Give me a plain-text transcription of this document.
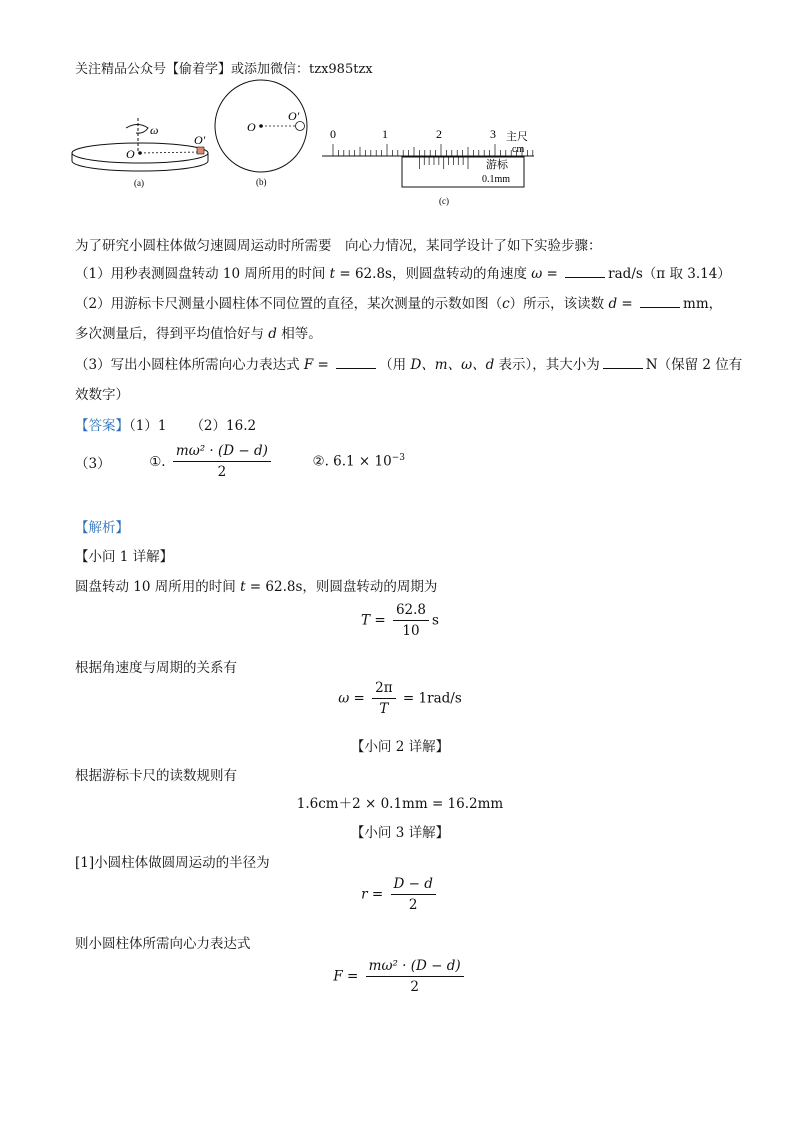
关注精品公众号【偷着学】或添加微信：tzx985tzx
ω
O
O′
(a)
O
O′
(b)
0	1	2	3 主尺
cm
游标
0.1mm
(c)
为了研究小圆柱体做匀速圆周运动时所需要　向心力情况，某同学设计了如下实验步骤：
（1）用秒表测圆盘转动 10 周所用的时间 t = 62.8s，则圆盘转动的角速度 ω =	rad/s（π 取 3.14）
（2）用游标卡尺测量小圆柱体不同位置的直径，某次测量的示数如图（c）所示，该读数 d =	mm，
多次测量后，得到平均值恰好与 d 相等。
（3）写出小圆柱体所需向心力表达式 F =	（用 D、m、ω、d 表示），其大小为	N（保留 2 位有
效数字）
【答案】（1）1 （2）16.2
（3）	①. $\frac{\text{mω² · (D − d)}}{2}$	②. $6.1 \times 10^{-3}$
【解析】
【小问 1 详解】
圆盘转动 10 周所用的时间 t = 62.8s，则圆盘转动的周期为
$T = \frac{62.8}{10}$ s
根据角速度与周期的关系有
$\omega = \frac{2\pi}{T} = 1rad/s$
【小问 2 详解】
根据游标卡尺的读数规则有
1.6cm＋2 × 0.1mm = 16.2mm
【小问 3 详解】
[1]小圆柱体做圆周运动的半径为
$r = \frac{D - d}{2}$
则小圆柱体所需向心力表达式
$F = \frac{\text{mω² · (D − d)}}{2}$
